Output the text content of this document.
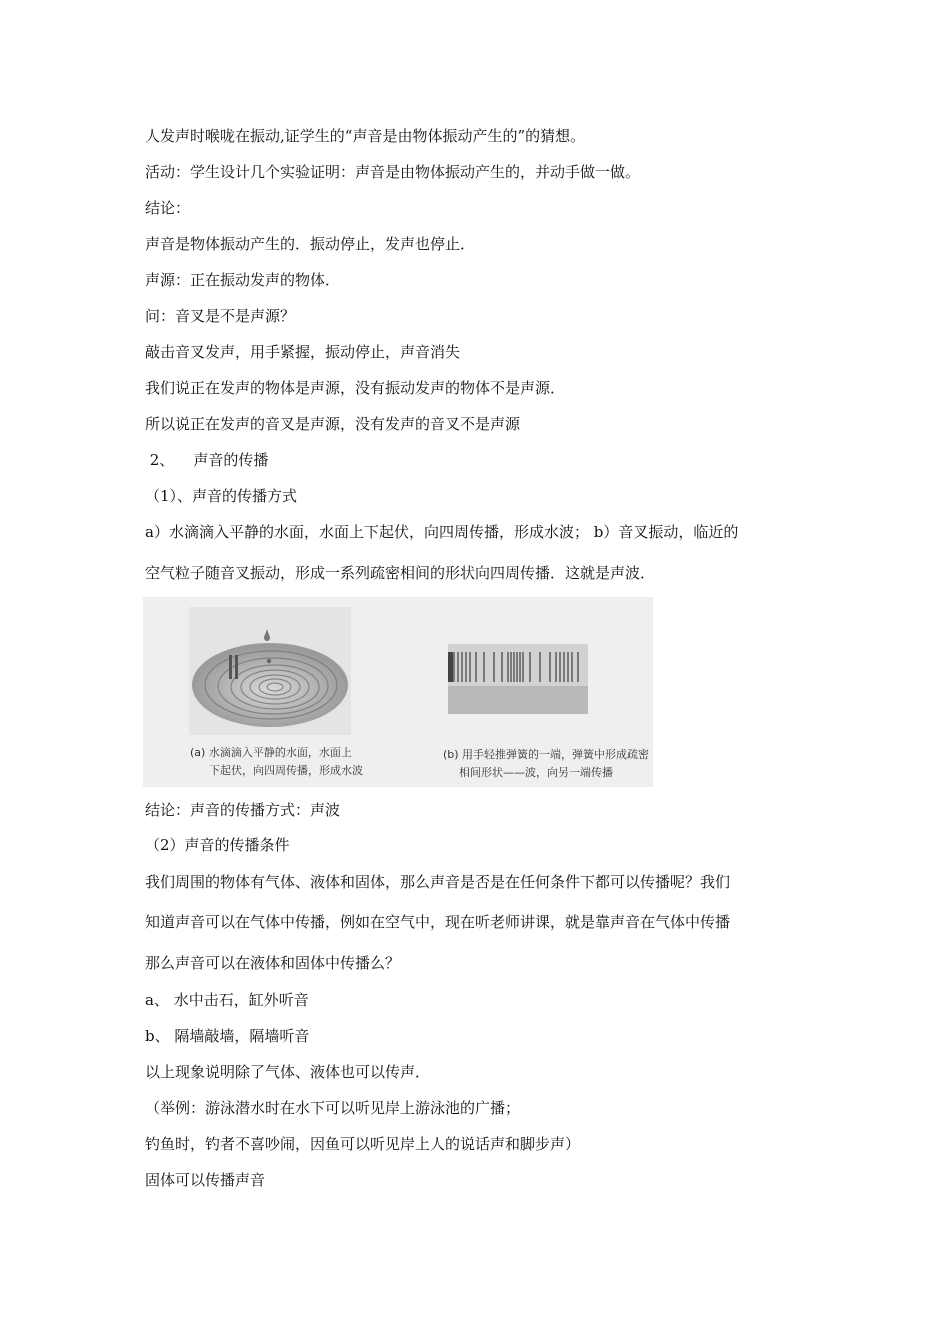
人发声时喉咙在振动,证学生的“声音是由物体振动产生的”的猜想。
活动：学生设计几个实验证明：声音是由物体振动产生的，并动手做一做。
结论：
声音是物体振动产生的．振动停止，发声也停止．
声源：正在振动发声的物体．
问：音叉是不是声源？
敲击音叉发声，用手紧握，振动停止，声音消失
我们说正在发声的物体是声源，没有振动发声的物体不是声源．
所以说正在发声的音叉是声源，没有发声的音叉不是声源
2、    声音的传播
（1）、声音的传播方式
a）水滴滴入平静的水面，水面上下起伏，向四周传播，形成水波； b）音叉振动，临近的
空气粒子随音叉振动，形成一系列疏密相间的形状向四周传播．这就是声波．
(a) 水滴滴入平静的水面，水面上
下起伏，向四周传播，形成水波
(b) 用手轻推弹簧的一端，弹簧中形成疏密
相间形状——波，向另一端传播
结论：声音的传播方式：声波
（2）声音的传播条件
我们周围的物体有气体、液体和固体，那么声音是否是在任何条件下都可以传播呢？我们
知道声音可以在气体中传播，例如在空气中，现在听老师讲课，就是靠声音在气体中传播
那么声音可以在液体和固体中传播么？
a、 水中击石，缸外听音
b、 隔墙敲墙，隔墙听音
以上现象说明除了气体、液体也可以传声．
（举例：游泳潜水时在水下可以听见岸上游泳池的广播；
钓鱼时，钓者不喜吵闹，因鱼可以听见岸上人的说话声和脚步声）
固体可以传播声音
